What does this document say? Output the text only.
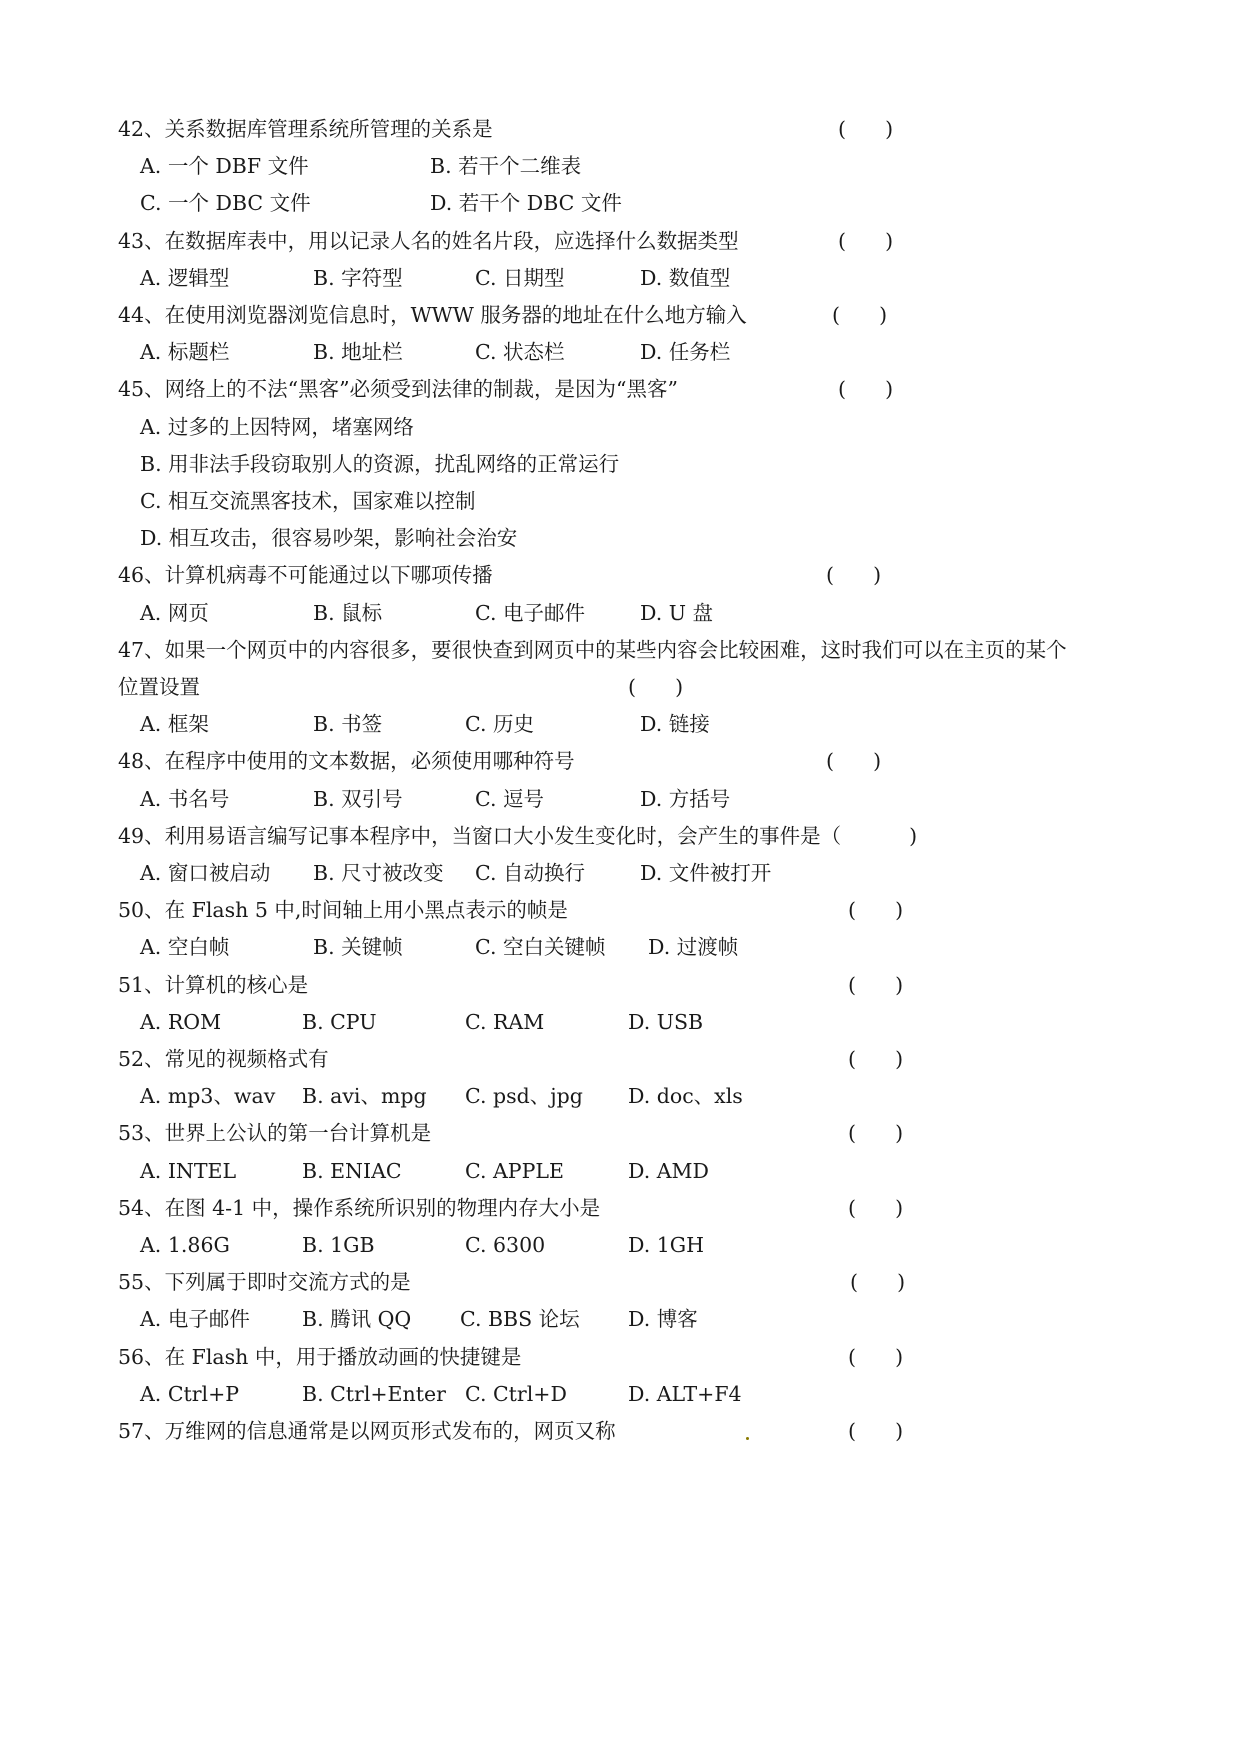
42、关系数据库管理系统所管理的关系是	(      )
A. 一个 DBF 文件	B. 若干个二维表
C. 一个 DBC 文件	D. 若干个 DBC 文件
43、在数据库表中，用以记录人名的姓名片段，应选择什么数据类型	(      )
A. 逻辑型	B. 字符型	C. 日期型	D. 数值型
44、在使用浏览器浏览信息时，WWW 服务器的地址在什么地方输入	(      )
A. 标题栏	B. 地址栏	C. 状态栏	D. 任务栏
45、网络上的不法“黑客”必须受到法律的制裁，是因为“黑客”	(      )
A. 过多的上因特网，堵塞网络
B. 用非法手段窃取别人的资源，扰乱网络的正常运行
C. 相互交流黑客技术，国家难以控制
D. 相互攻击，很容易吵架，影响社会治安
46、计算机病毒不可能通过以下哪项传播	(      )
A. 网页	B. 鼠标	C. 电子邮件	D. U 盘
47、如果一个网页中的内容很多，要很快查到网页中的某些内容会比较困难，这时我们可以在主页的某个
位置设置	(      )
A. 框架	B. 书签	C. 历史	D. 链接
48、在程序中使用的文本数据，必须使用哪种符号	(      )
A. 书名号	B. 双引号	C. 逗号	D. 方括号
49、利用易语言编写记事本程序中，当窗口大小发生变化时，会产生的事件是（ )
A. 窗口被启动 B. 尺寸被改变 C. 自动换行	D. 文件被打开
50、在 Flash 5 中,时间轴上用小黑点表示的帧是	(      )
A. 空白帧	B. 关键帧	C. 空白关键帧 D. 过渡帧
51、计算机的核心是	(      )
A. ROM	B. CPU	C. RAM	D. USB
52、常见的视频格式有	(      )
A. mp3、wav B. avi、mpg C. psd、jpg D. doc、xls
53、世界上公认的第一台计算机是	(      )
A. INTEL	B. ENIAC	C. APPLE	D. AMD
54、在图 4-1 中，操作系统所识别的物理内存大小是	(      )
A. 1.86G	B. 1GB	C. 6300	D. 1GH
55、下列属于即时交流方式的是	(      )
A. 电子邮件	B. 腾讯 QQ C. BBS 论坛 D. 博客
56、在 Flash 中，用于播放动画的快捷键是	(      )
A. Ctrl+P	B. Ctrl+Enter C. Ctrl+D	D. ALT+F4
57、万维网的信息通常是以网页形式发布的，网页又称	(      )
